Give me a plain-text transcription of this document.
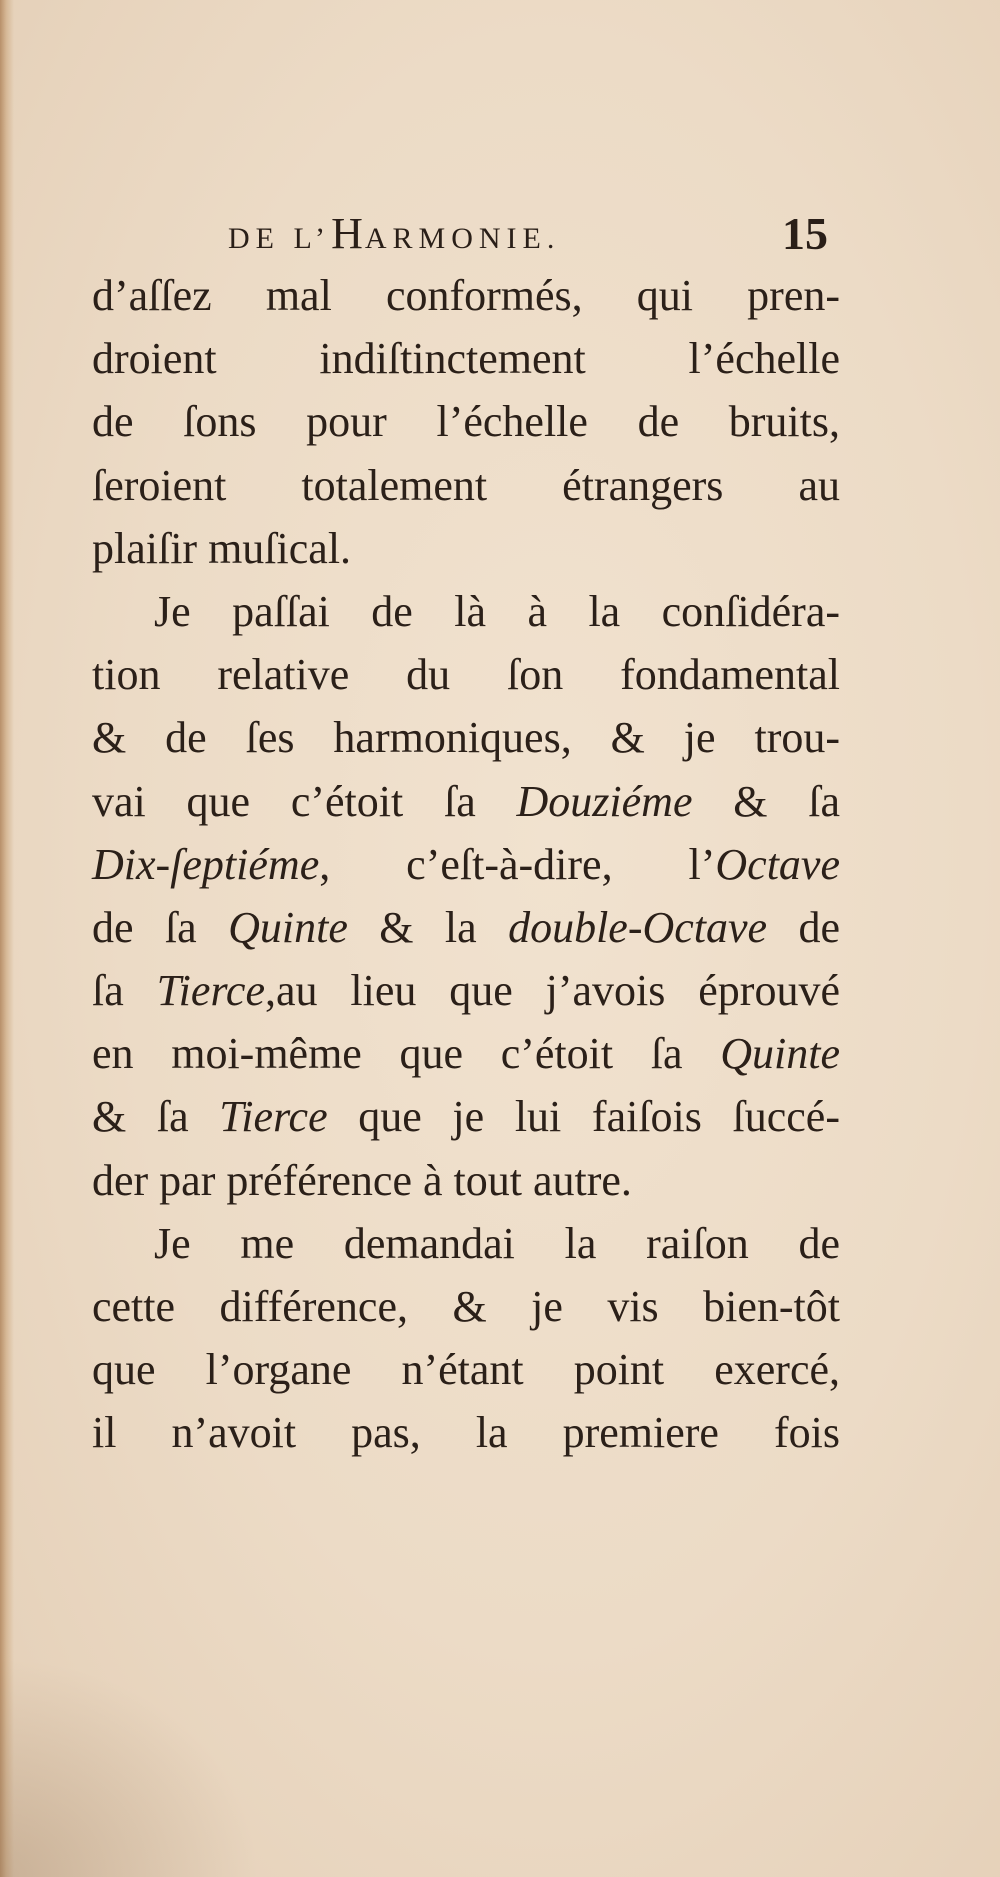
DE L’HARMONIE.	15
d’aſſez mal conformés, qui pren-
droient indiſtinctement l’échelle
de ſons pour l’échelle de bruits,
ſeroient totalement étrangers au
plaiſir muſical.
Je paſſai de là à la conſidéra-
tion relative du ſon fondamental
& de ſes harmoniques, & je trou-
vai que c’étoit ſa Douziéme & ſa
Dix-ſeptiéme, c’eſt-à-dire, l’Octave
de ſa Quinte & la double-Octave de
ſa Tierce,au lieu que j’avois éprouvé
en moi-même que c’étoit ſa Quinte
& ſa Tierce que je lui faiſois ſuccé-
der par préférence à tout autre.
Je me demandai la raiſon de
cette différence, & je vis bien-tôt
que l’organe n’étant point exercé,
il n’avoit pas, la premiere fois
